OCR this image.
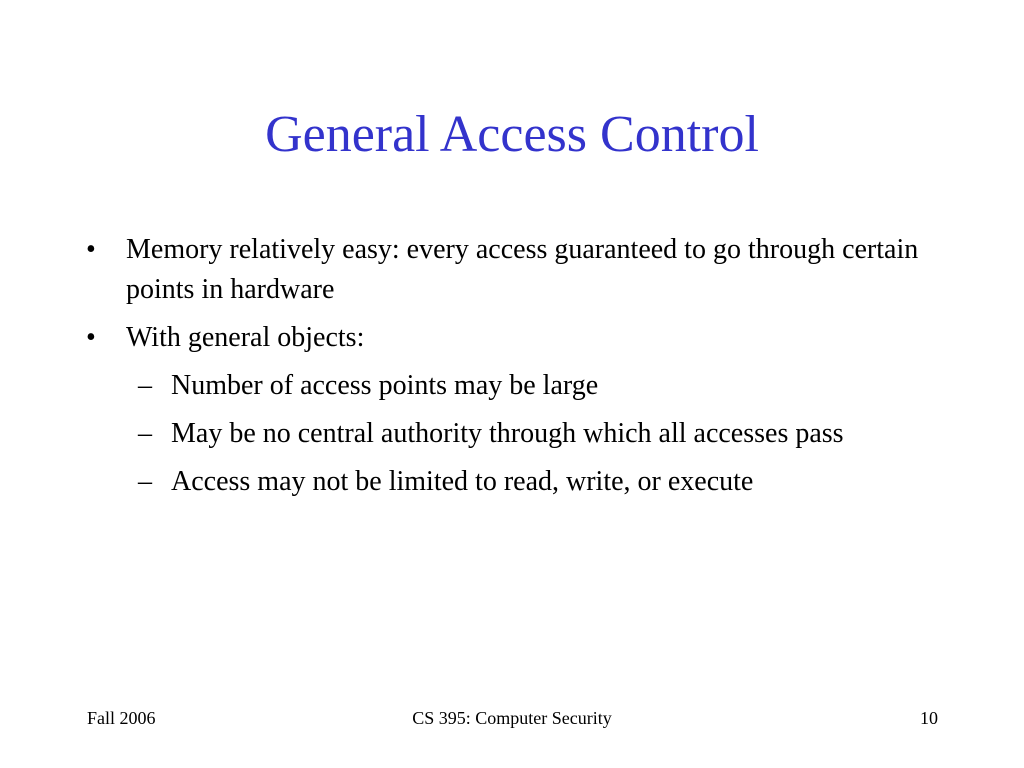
General Access Control
• Memory relatively easy: every access guaranteed to go through certain points in hardware
• With general objects:
– Number of access points may be large
– May be no central authority through which all accesses pass
– Access may not be limited to read, write, or execute
Fall 2006	CS 395: Computer Security	10
